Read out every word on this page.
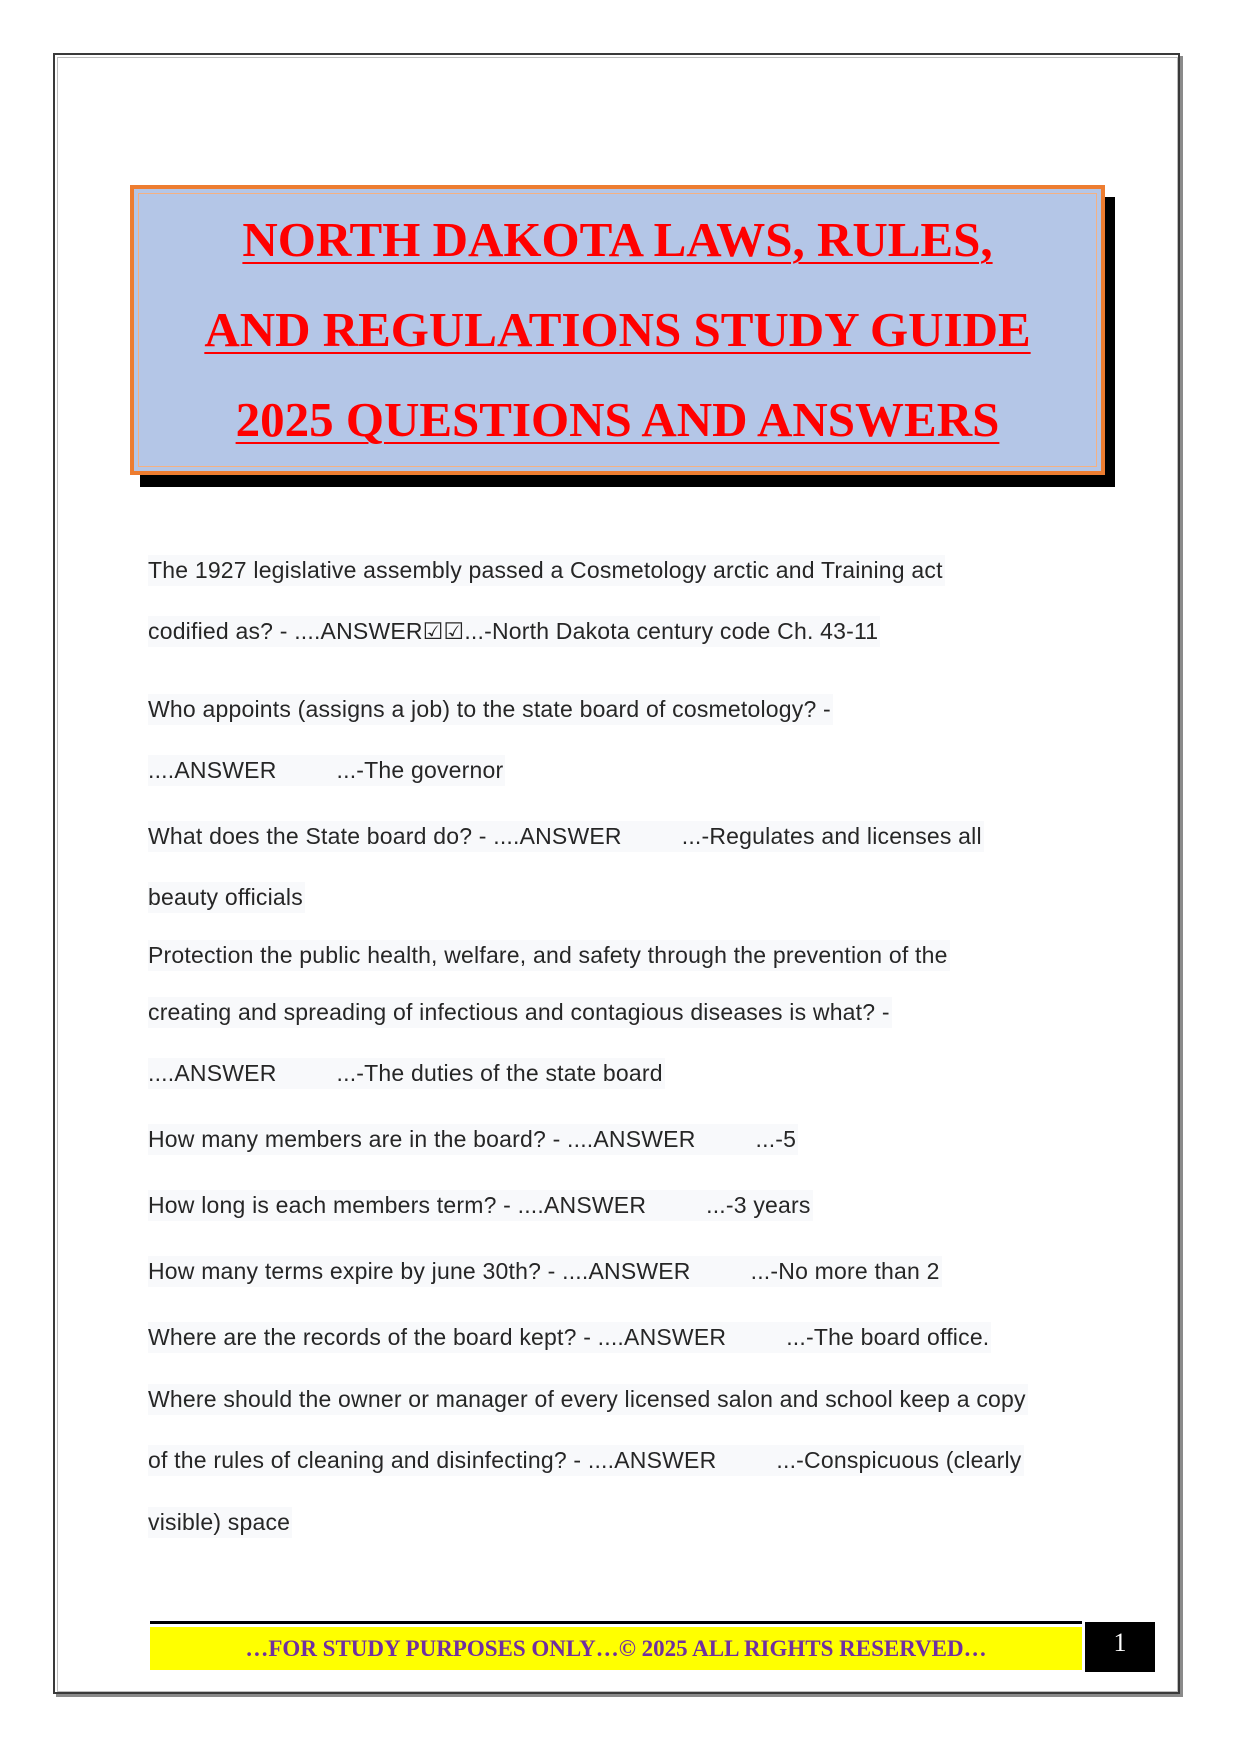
NORTH DAKOTA LAWS, RULES,
AND REGULATIONS STUDY GUIDE
2025 QUESTIONS AND ANSWERS
The 1927 legislative assembly passed a Cosmetology arctic and Training act
codified as? - ....ANSWER☑☑...-North Dakota century code Ch. 43-11
Who appoints (assigns a job) to the state board of cosmetology? -
....ANSWER	...-The governor
What does the State board do? - ....ANSWER	...-Regulates and licenses all
beauty officials
Protection the public health, welfare, and safety through the prevention of the
creating and spreading of infectious and contagious diseases is what? -
....ANSWER	...-The duties of the state board
How many members are in the board? - ....ANSWER	...-5
How long is each members term? - ....ANSWER	...-3 years
How many terms expire by june 30th? - ....ANSWER	...-No more than 2
Where are the records of the board kept? - ....ANSWER	...-The board office.
Where should the owner or manager of every licensed salon and school keep a copy
of the rules of cleaning and disinfecting? - ....ANSWER	...-Conspicuous (clearly
visible) space
…FOR STUDY PURPOSES ONLY…© 2025 ALL RIGHTS RESERVED…	1
